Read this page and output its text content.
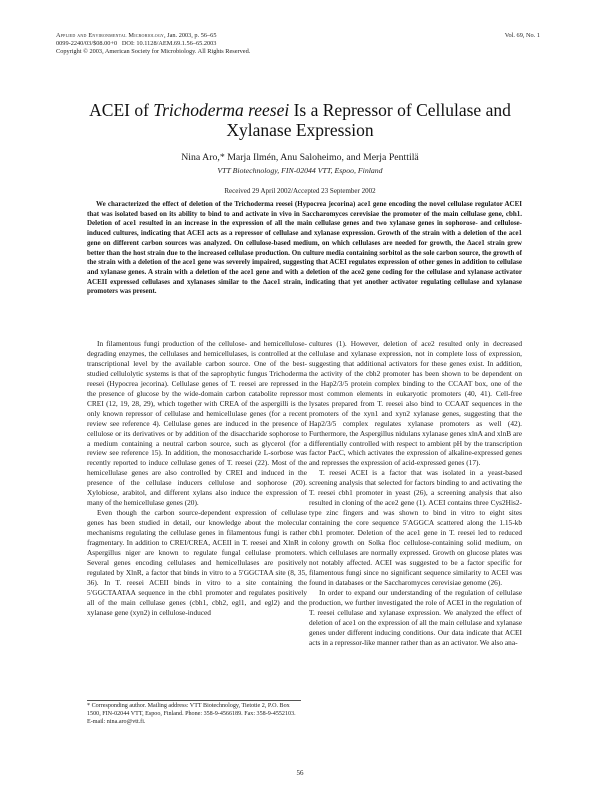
Applied and Environmental Microbiology, Jan. 2003, p. 56–65
0099-2240/03/$08.00+0 DOI: 10.1128/AEM.69.1.56–65.2003
Copyright © 2003, American Society for Microbiology. All Rights Reserved.
Vol. 69, No. 1
ACEI of Trichoderma reesei Is a Repressor of Cellulase and
Xylanase Expression
Nina Aro,* Marja Ilmén, Anu Saloheimo, and Merja Penttilä
VTT Biotechnology, FIN-02044 VTT, Espoo, Finland
Received 29 April 2002/Accepted 23 September 2002
We characterized the effect of deletion of the Trichoderma reesei (Hypocrea jecorina) ace1 gene encoding the novel cellulase regulator ACEI that was isolated based on its ability to bind to and activate in vivo in Saccharomyces cerevisiae the promoter of the main cellulase gene, cbh1. Deletion of ace1 resulted in an increase in the expression of all the main cellulase genes and two xylanase genes in sophorose- and cellulose-induced cultures, indicating that ACEI acts as a repressor of cellulase and xylanase expression. Growth of the strain with a deletion of the ace1 gene on different carbon sources was analyzed. On cellulose-based medium, on which cellulases are needed for growth, the Δace1 strain grew better than the host strain due to the increased cellulase production. On culture media containing sorbitol as the sole carbon source, the growth of the strain with a deletion of the ace1 gene was severely impaired, suggesting that ACEI regulates expression of other genes in addition to cellulase and xylanase genes. A strain with a deletion of the ace1 gene and with a deletion of the ace2 gene coding for the cellulase and xylanase activator ACEII expressed cellulases and xylanases similar to the Δace1 strain, indicating that yet another activator regulating cellulase and xylanase promoters was present.

In filamentous fungi production of the cellulose- and hemicellulose-degrading enzymes, the cellulases and hemicellulases, is controlled at the transcriptional level by the available carbon source. One of the best-studied cellulolytic systems is that of the saprophytic fungus Trichoderma reesei (Hypocrea jecorina). Cellulase genes of T. reesei are repressed in the presence of glucose by the wide-domain carbon catabolite repressor CREI (12, 19, 28, 29), which together with CREA of the aspergilli is the only known repressor of cellulase and hemicellulase genes (for a recent review see reference 4). Cellulase genes are induced in the presence of cellulose or its derivatives or by addition of the disaccharide sophorose to a medium containing a neutral carbon source, such as glycerol (for a review see reference 15). In addition, the monosaccharide L-sorbose was recently reported to induce cellulase genes of T. reesei (22). Most of the hemicellulase genes are also controlled by CREI and induced in the presence of the cellulase inducers cellulose and sophorose (20). Xylobiose, arabitol, and different xylans also induce the expression of many of the hemicellulase genes (20).

Even though the carbon source-dependent expression of cellulase genes has been studied in detail, our knowledge about the molecular mechanisms regulating the cellulase genes in filamentous fungi is rather fragmentary. In addition to CREI/CREA, ACEII in T. reesei and XlnR in Aspergillus niger are known to regulate fungal cellulase promoters. Several genes encoding cellulases and hemicellulases are positively regulated by XlnR, a factor that binds in vitro to a 5′GGCTAA site (8, 35, 36). In T. reesei ACEII binds in vitro to a site containing the 5′GGCTAATAA sequence in the cbh1 promoter and regulates positively all of the main cellulase genes (cbh1, cbh2, egl1, and egl2) and the xylanase gene (xyn2) in cellulose-induced

cultures (1). However, deletion of ace2 resulted only in decreased cellulase and xylanase expression, not in complete loss of expression, suggesting that additional activators for these genes exist. In addition, the activity of the cbh2 promoter has been shown to be dependent on the Hap2/3/5 protein complex binding to the CCAAT box, one of the most common elements in eukaryotic promoters (40, 41). Cell-free lysates prepared from T. reesei also bind to CCAAT sequences in the promoters of the xyn1 and xyn2 xylanase genes, suggesting that the Hap2/3/5 complex regulates xylanase promoters as well (42). Furthermore, the Aspergillus nidulans xylanase genes xlnA and xlnB are differentially controlled with respect to ambient pH by the transcription factor PacC, which activates the expression of alkaline-expressed genes and represses the expression of acid-expressed genes (17).

T. reesei ACEI is a factor that was isolated in a yeast-based screening analysis that selected for factors binding to and activating the T. reesei cbh1 promoter in yeast (26), a screening analysis that also resulted in cloning of the ace2 gene (1). ACEI contains three Cys2His2-type zinc fingers and was shown to bind in vitro to eight sites containing the core sequence 5′AGGCA scattered along the 1.15-kb cbh1 promoter. Deletion of the ace1 gene in T. reesei led to reduced colony growth on Solka floc cellulose-containing solid medium, on which cellulases are normally expressed. Growth on glucose plates was not notably affected. ACEI was suggested to be a factor specific for filamentous fungi since no significant sequence similarity to ACEI was found in databases or the Saccharomyces cerevisiae genome (26).

In order to expand our understanding of the regulation of cellulase production, we further investigated the role of ACEI in the regulation of T. reesei cellulase and xylanase expression. We analyzed the effect of deletion of ace1 on the expression of all the main cellulase and xylanase genes under different inducing conditions. Our data indicate that ACEI acts in a repressor-like manner rather than as an activator. We also ana-

* Corresponding author. Mailing address: VTT Biotechnology, Tietotie 2, P.O. Box 1500, FIN-02044 VTT, Espoo, Finland. Phone: 358-9-4566189. Fax: 358-9-4552103. E-mail: nina.aro@vtt.fi.
56
